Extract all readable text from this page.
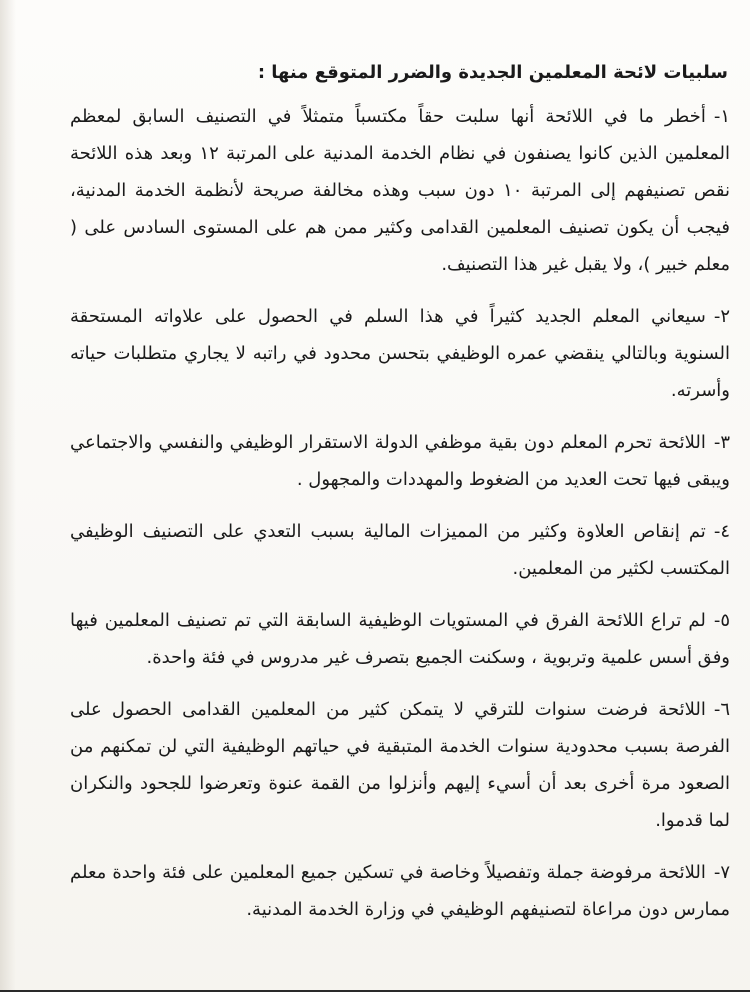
سلبيات لائحة المعلمين الجديدة والضرر المتوقع منها :
١-أخطر ما في اللائحة أنها سلبت حقاً مكتسباً متمثلاً في التصنيف السابق لمعظم المعلمين الذين كانوا يصنفون في نظام الخدمة المدنية على المرتبة ١٢ وبعد هذه اللائحة نقص تصنيفهم إلى المرتبة ١٠ دون سبب وهذه مخالفة صريحة لأنظمة الخدمة المدنية، فيجب أن يكون تصنيف المعلمين القدامى وكثير ممن هم على المستوى السادس على ( معلم خبير )، ولا يقبل غير هذا التصنيف.
٢-سيعاني المعلم الجديد كثيراً في هذا السلم في الحصول على علاواته المستحقة السنوية وبالتالي ينقضي عمره الوظيفي بتحسن محدود في راتبه لا يجاري متطلبات حياته وأسرته.
٣-اللائحة تحرم المعلم دون بقية موظفي الدولة الاستقرار الوظيفي والنفسي والاجتماعي ويبقى فيها تحت العديد من الضغوط والمهددات والمجهول .
٤-تم إنقاص العلاوة وكثير من المميزات المالية بسبب التعدي على التصنيف الوظيفي المكتسب لكثير من المعلمين.
٥-لم تراع اللائحة الفرق في المستويات الوظيفية السابقة التي تم تصنيف المعلمين فيها وفق أسس علمية وتربوية ، وسكنت الجميع بتصرف غير مدروس في فئة واحدة.
٦-اللائحة فرضت سنوات للترقي لا يتمكن كثير من المعلمين القدامى الحصول على الفرصة بسبب محدودية سنوات الخدمة المتبقية في حياتهم الوظيفية التي لن تمكنهم من الصعود مرة أخرى بعد أن أسيء إليهم وأنزلوا من القمة عنوة وتعرضوا للجحود والنكران لما قدموا.
٧-اللائحة مرفوضة جملة وتفصيلاً وخاصة في تسكين جميع المعلمين على فئة واحدة معلم ممارس دون مراعاة لتصنيفهم الوظيفي في وزارة الخدمة المدنية.
